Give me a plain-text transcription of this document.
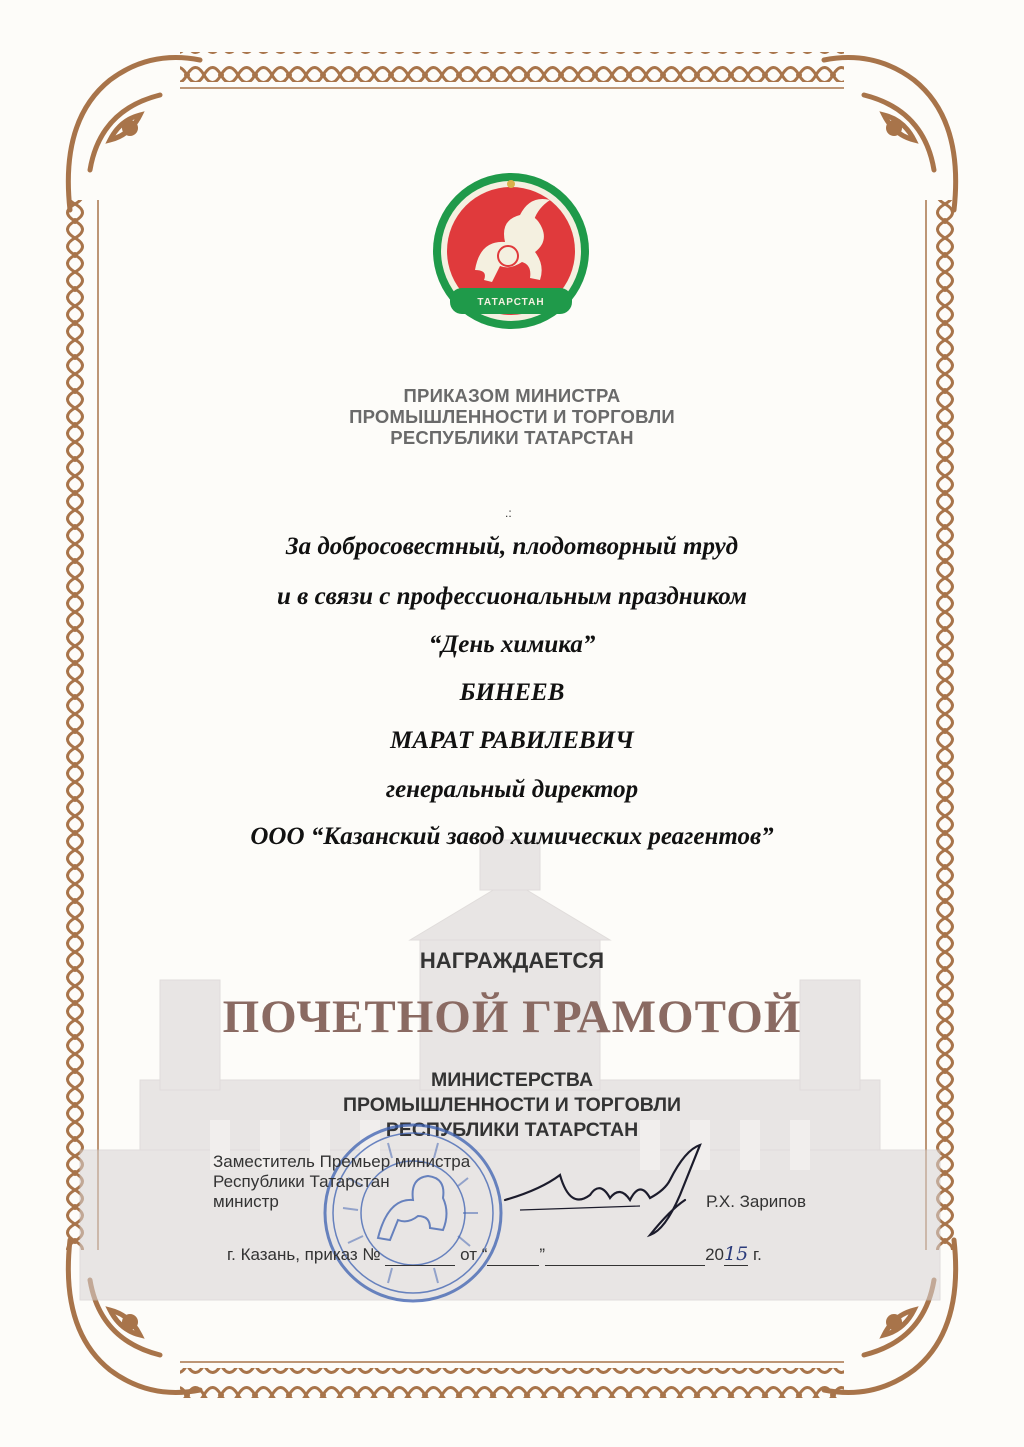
ТАТАРСТАН
ПРИКАЗОМ МИНИСТРА
ПРОМЫШЛЕННОСТИ И ТОРГОВЛИ
РЕСПУБЛИКИ ТАТАРСТАН
.:
За добросовестный, плодотворный труд
и в связи с профессиональным праздником
“День химика”
БИНЕЕВ
МАРАТ РАВИЛЕВИЧ
генеральный директор
ООО “Казанский завод химических реагентов”
НАГРАЖДАЕТСЯ
ПОЧЕТНОЙ ГРАМОТОЙ
МИНИСТЕРСТВА
ПРОМЫШЛЕННОСТИ И ТОРГОВЛИ
РЕСПУБЛИКИ ТАТАРСТАН
Заместитель Премьер министра
Республики Татарстан
министр	Р.Х. Зарипов
г. Казань, приказ №	от “	”	2015 г.
